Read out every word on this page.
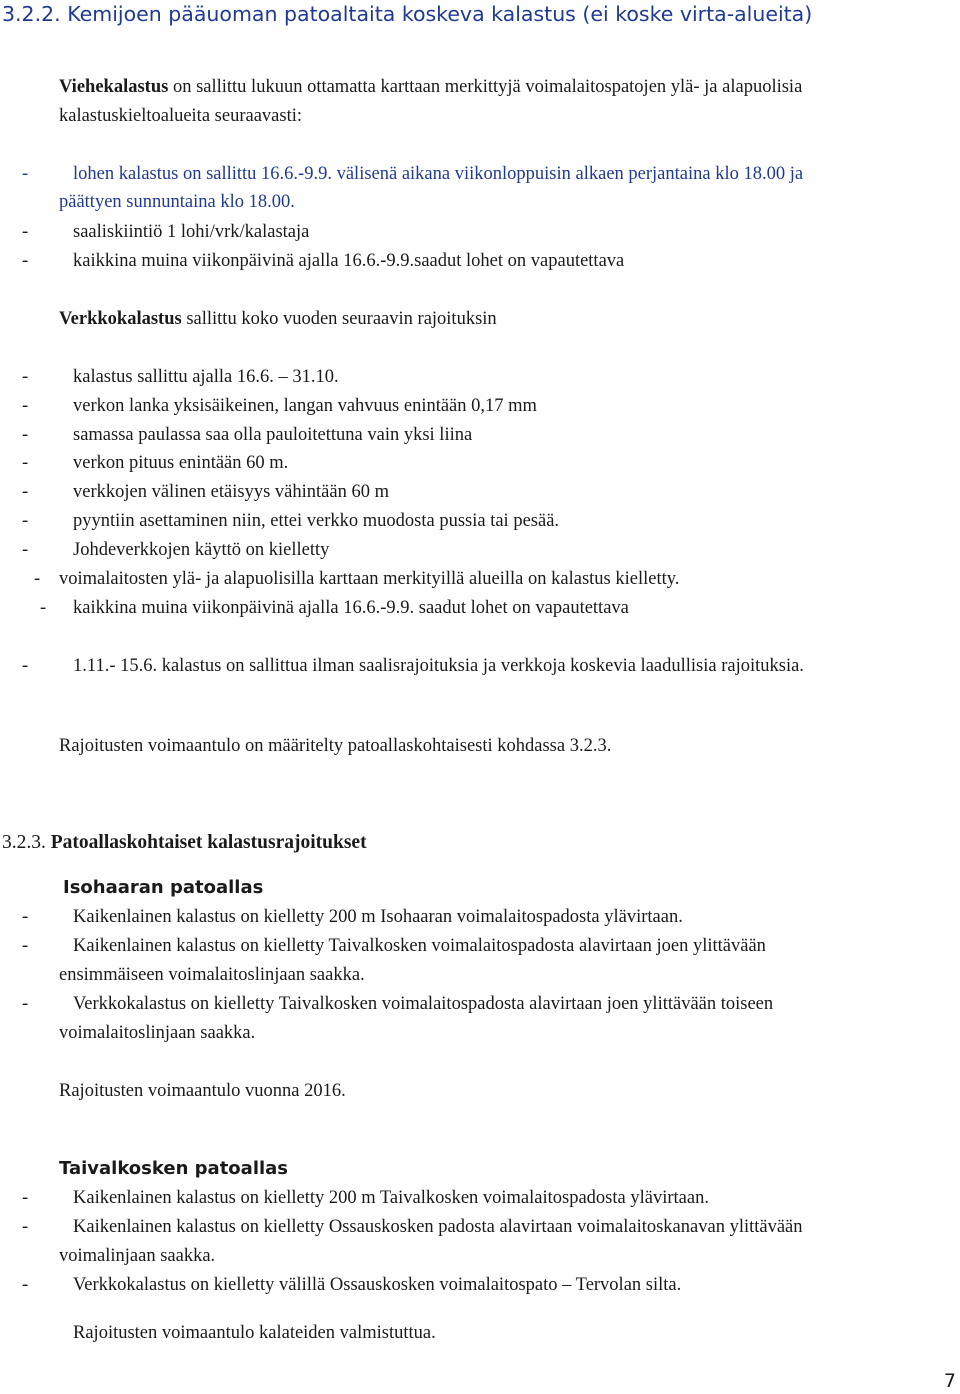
3.2.2. Kemijoen pääuoman patoaltaita koskeva kalastus (ei koske virta-alueita)
Viehekalastus on sallittu lukuun ottamatta karttaan merkittyjä voimalaitospatojen ylä- ja alapuolisia
kalastuskieltoalueita seuraavasti:
- lohen kalastus on sallittu 16.6.-9.9. välisenä aikana viikonloppuisin alkaen perjantaina klo 18.00 ja
päättyen sunnuntaina klo 18.00.
- saaliskiintiö 1 lohi/vrk/kalastaja
- kaikkina muina viikonpäivinä ajalla 16.6.-9.9.saadut lohet on vapautettava
Verkkokalastus sallittu koko vuoden seuraavin rajoituksin
- kalastus sallittu ajalla 16.6. – 31.10.
- verkon lanka yksisäikeinen, langan vahvuus enintään 0,17 mm
- samassa paulassa saa olla pauloitettuna vain yksi liina
- verkon pituus enintään 60 m.
- verkkojen välinen etäisyys vähintään 60 m
- pyyntiin asettaminen niin, ettei verkko muodosta pussia tai pesää.
- Johdeverkkojen käyttö on kielletty
- voimalaitosten ylä- ja alapuolisilla karttaan merkityillä alueilla on kalastus kielletty.
- kaikkina muina viikonpäivinä ajalla 16.6.-9.9. saadut lohet on vapautettava
- 1.11.- 15.6. kalastus on sallittua ilman saalisrajoituksia ja verkkoja koskevia laadullisia rajoituksia.
Rajoitusten voimaantulo on määritelty patoallaskohtaisesti kohdassa 3.2.3.
3.2.3. Patoallaskohtaiset kalastusrajoitukset
Isohaaran patoallas
- Kaikenlainen kalastus on kielletty 200 m Isohaaran voimalaitospadosta ylävirtaan.
- Kaikenlainen kalastus on kielletty Taivalkosken voimalaitospadosta alavirtaan joen ylittävään
ensimmäiseen voimalaitoslinjaan saakka.
- Verkkokalastus on kielletty Taivalkosken voimalaitospadosta alavirtaan joen ylittävään toiseen
voimalaitoslinjaan saakka.
Rajoitusten voimaantulo vuonna 2016.
Taivalkosken patoallas
- Kaikenlainen kalastus on kielletty 200 m Taivalkosken voimalaitospadosta ylävirtaan.
- Kaikenlainen kalastus on kielletty Ossauskosken padosta alavirtaan voimalaitoskanavan ylittävään
voimalinjaan saakka.
- Verkkokalastus on kielletty välillä Ossauskosken voimalaitospato – Tervolan silta.
Rajoitusten voimaantulo kalateiden valmistuttua.
7
